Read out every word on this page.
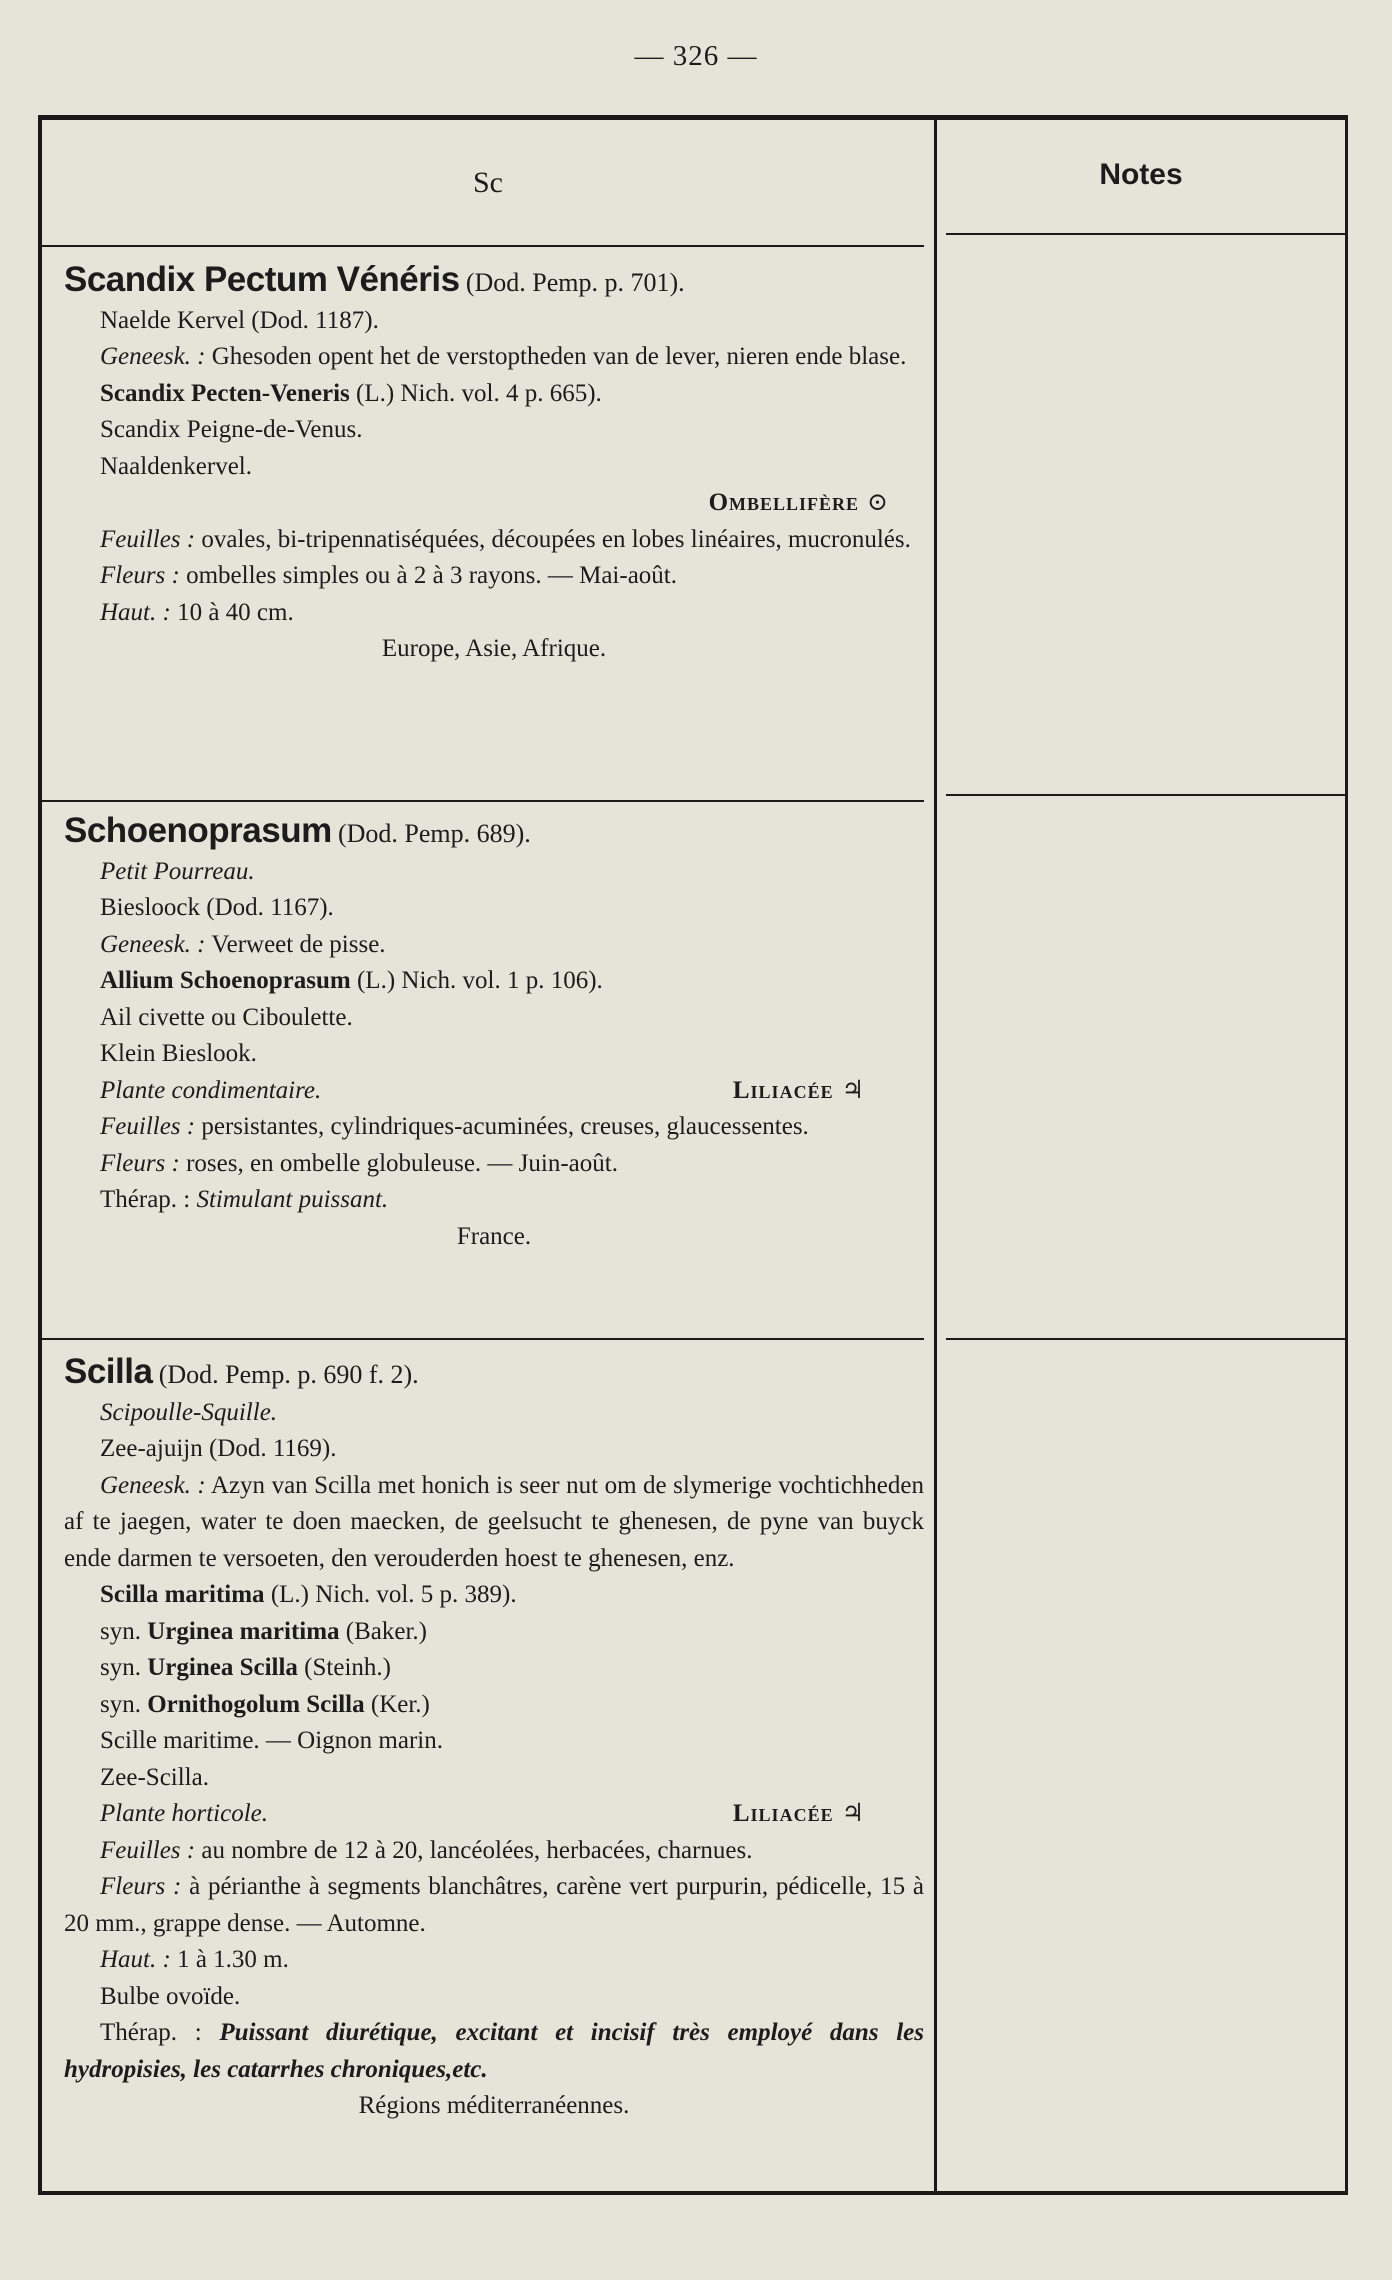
— 326 —
Sc	Notes

Scandix Pectum Vénéris (Dod. Pemp. p. 701).

Naelde Kervel (Dod. 1187).

Geneesk. : Ghesoden opent het de verstoptheden van de lever, nieren ende blase.

Scandix Pecten-Veneris (L.) Nich. vol. 4 p. 665).

Scandix Peigne-de-Venus.

Naaldenkervel.

Ombellifère ⊙

Feuilles : ovales, bi-tripennatiséquées, découpées en lobes linéaires, mucronulés.

Fleurs : ombelles simples ou à 2 à 3 rayons. — Mai-août.

Haut. : 10 à 40 cm.

Europe, Asie, Afrique.

Schoenoprasum (Dod. Pemp. 689).

Petit Pourreau.

Biesloock (Dod. 1167).

Geneesk. : Verweet de pisse.

Allium Schoenoprasum (L.) Nich. vol. 1 p. 106).

Ail civette ou Ciboulette.

Klein Bieslook.

Plante condimentaire.	Liliacée ♃

Feuilles : persistantes, cylindriques-acuminées, creuses, glaucessentes.

Fleurs : roses, en ombelle globuleuse. — Juin-août.

Thérap. : Stimulant puissant.

France.

Scilla (Dod. Pemp. p. 690 f. 2).

Scipoulle-Squille.

Zee-ajuijn (Dod. 1169).

Geneesk. : Azyn van Scilla met honich is seer nut om de slymerige vochtichheden af te jaegen, water te doen maecken, de geelsucht te ghenesen, de pyne van buyck ende darmen te versoeten, den verouderden hoest te ghenesen, enz.

Scilla maritima (L.) Nich. vol. 5 p. 389).

syn. Urginea maritima (Baker.)

syn. Urginea Scilla (Steinh.)

syn. Ornithogolum Scilla (Ker.)

Scille maritime. — Oignon marin.

Zee-Scilla.

Plante horticole.	Liliacée ♃

Feuilles : au nombre de 12 à 20, lancéolées, herbacées, charnues.

Fleurs : à périanthe à segments blanchâtres, carène vert purpurin, pédicelle, 15 à 20 mm., grappe dense. — Automne.

Haut. : 1 à 1.30 m.

Bulbe ovoïde.

Thérap. : Puissant diurétique, excitant et incisif très employé dans les hydropisies, les catarrhes chroniques,etc.

Régions méditerranéennes.
